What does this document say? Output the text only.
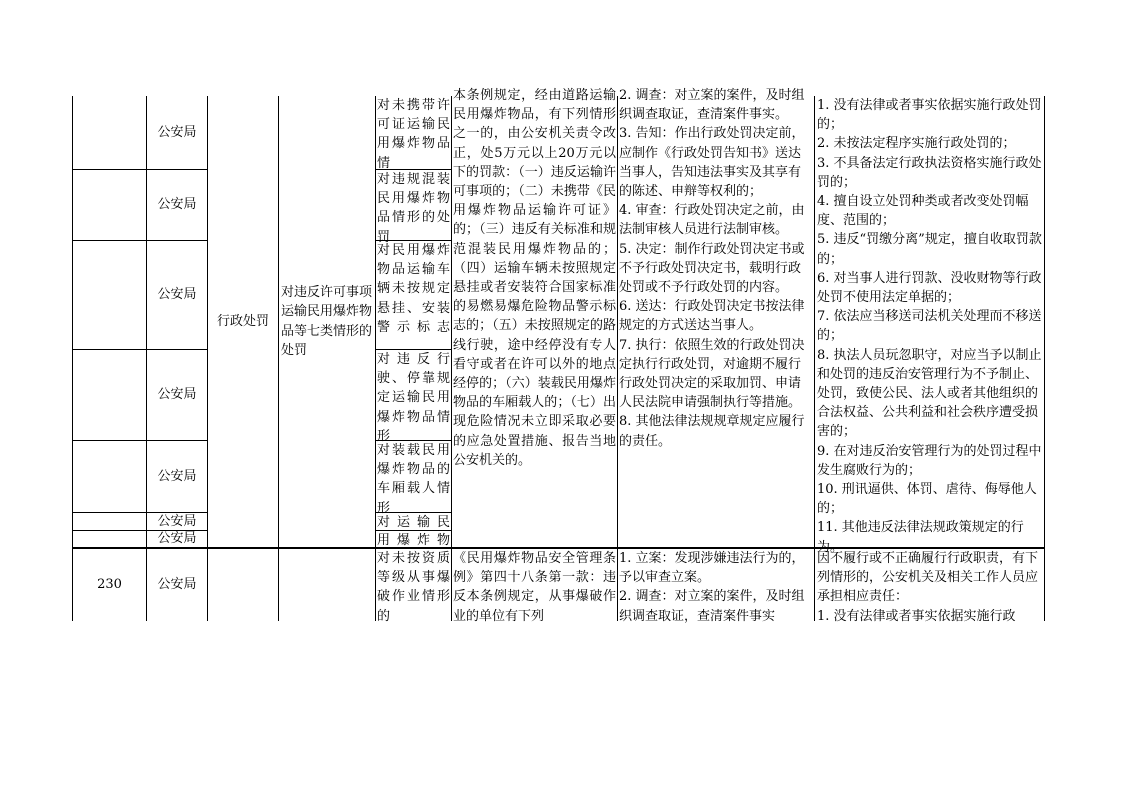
公安局
公安局
公安局
公安局
公安局
公安局
公安局
行政处罚
对违反许可事项运输民用爆炸物品等七类情形的处罚
对未携带许可证运输民用爆炸物品情
对违规混装民用爆炸物品情形的处罚
对民用爆炸物品运输车辆未按规定悬挂、安装警示标志
对违反行驶、停靠规定运输民用爆炸物品情形
对装载民用爆炸物品的车厢载人情形
对运输民
用爆炸物
本条例规定，经由道路运输民用爆炸物品，有下列情形之一的，由公安机关责令改正，处5万元以上20万元以下的罚款：（一）违反运输许可事项的；（二）未携带《民用爆炸物品运输许可证》的；（三）违反有关标准和规范混装民用爆炸物品的；（四）运输车辆未按照规定悬挂或者安装符合国家标准的易燃易爆危险物品警示标志的；（五）未按照规定的路线行驶，途中经停没有专人看守或者在许可以外的地点经停的；（六）装载民用爆炸物品的车厢载人的；（七）出现危险情况未立即采取必要的应急处置措施、报告当地公安机关的。
2. 调查：对立案的案件，及时组织调查取证，查清案件事实。
3. 告知：作出行政处罚决定前，应制作《行政处罚告知书》送达当事人，告知违法事实及其享有的陈述、申辩等权利的；
4. 审查：行政处罚决定之前，由法制审核人员进行法制审核。
5. 决定：制作行政处罚决定书或不予行政处罚决定书，载明行政处罚或不予行政处罚的内容。
6. 送达：行政处罚决定书按法律规定的方式送达当事人。
7. 执行：依照生效的行政处罚决定执行行政处罚，对逾期不履行行政处罚决定的采取加罚、申请人民法院申请强制执行等措施。
8. 其他法律法规规章规定应履行的责任。
1. 没有法律或者事实依据实施行政处罚的；
2. 未按法定程序实施行政处罚的；
3. 不具备法定行政执法资格实施行政处罚的；
4. 擅自设立处罚种类或者改变处罚幅度、范围的；
5. 违反“罚缴分离”规定，擅自收取罚款的；
6. 对当事人进行罚款、没收财物等行政处罚不使用法定单据的；
7. 依法应当移送司法机关处理而不移送的；
8. 执法人员玩忽职守，对应当予以制止和处罚的违反治安管理行为不予制止、处罚，致使公民、法人或者其他组织的合法权益、公共利益和社会秩序遭受损害的；
9. 在对违反治安管理行为的处罚过程中发生腐败行为的；
10. 刑讯逼供、体罚、虐待、侮辱他人的；
11. 其他违反法律法规政策规定的行为。
230	公安局
对未按资质等级从事爆破作业情形的
《民用爆炸物品安全管理条例》第四十八条第一款：违反本条例规定，从事爆破作业的单位有下列
1. 立案：发现涉嫌违法行为的，予以审查立案。
2. 调查：对立案的案件，及时组织调查取证，查清案件事实
因不履行或不正确履行行政职责，有下列情形的，公安机关及相关工作人员应承担相应责任：
1. 没有法律或者事实依据实施行政
